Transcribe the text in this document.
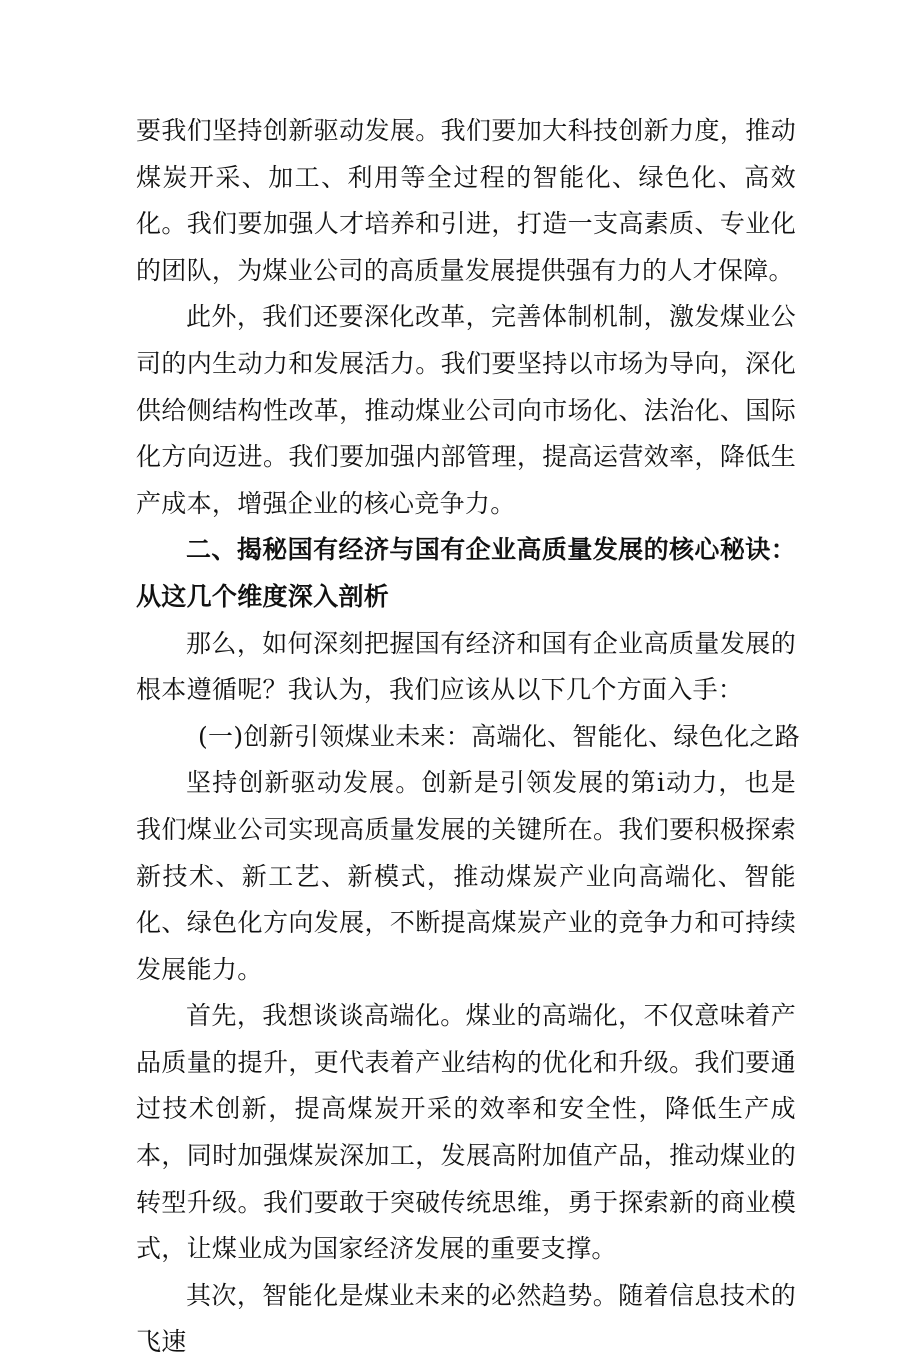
要我们坚持创新驱动发展。我们要加大科技创新力度，推动煤炭开采、加工、利用等全过程的智能化、绿色化、高效化。我们要加强人才培养和引进，打造一支高素质、专业化的团队，为煤业公司的高质量发展提供强有力的人才保障。

此外，我们还要深化改革，完善体制机制，激发煤业公司的内生动力和发展活力。我们要坚持以市场为导向，深化供给侧结构性改革，推动煤业公司向市场化、法治化、国际化方向迈进。我们要加强内部管理，提高运营效率，降低生产成本，增强企业的核心竞争力。

二、揭秘国有经济与国有企业高质量发展的核心秘诀：从这几个维度深入剖析

那么，如何深刻把握国有经济和国有企业高质量发展的根本遵循呢？我认为，我们应该从以下几个方面入手：

(一)创新引领煤业未来：高端化、智能化、绿色化之路

坚持创新驱动发展。创新是引领发展的第i动力，也是我们煤业公司实现高质量发展的关键所在。我们要积极探索新技术、新工艺、新模式，推动煤炭产业向高端化、智能化、绿色化方向发展，不断提高煤炭产业的竞争力和可持续发展能力。

首先，我想谈谈高端化。煤业的高端化，不仅意味着产品质量的提升，更代表着产业结构的优化和升级。我们要通过技术创新，提高煤炭开采的效率和安全性，降低生产成本，同时加强煤炭深加工，发展高附加值产品，推动煤业的转型升级。我们要敢于突破传统思维，勇于探索新的商业模式，让煤业成为国家经济发展的重要支撑。

其次，智能化是煤业未来的必然趋势。随着信息技术的飞速
